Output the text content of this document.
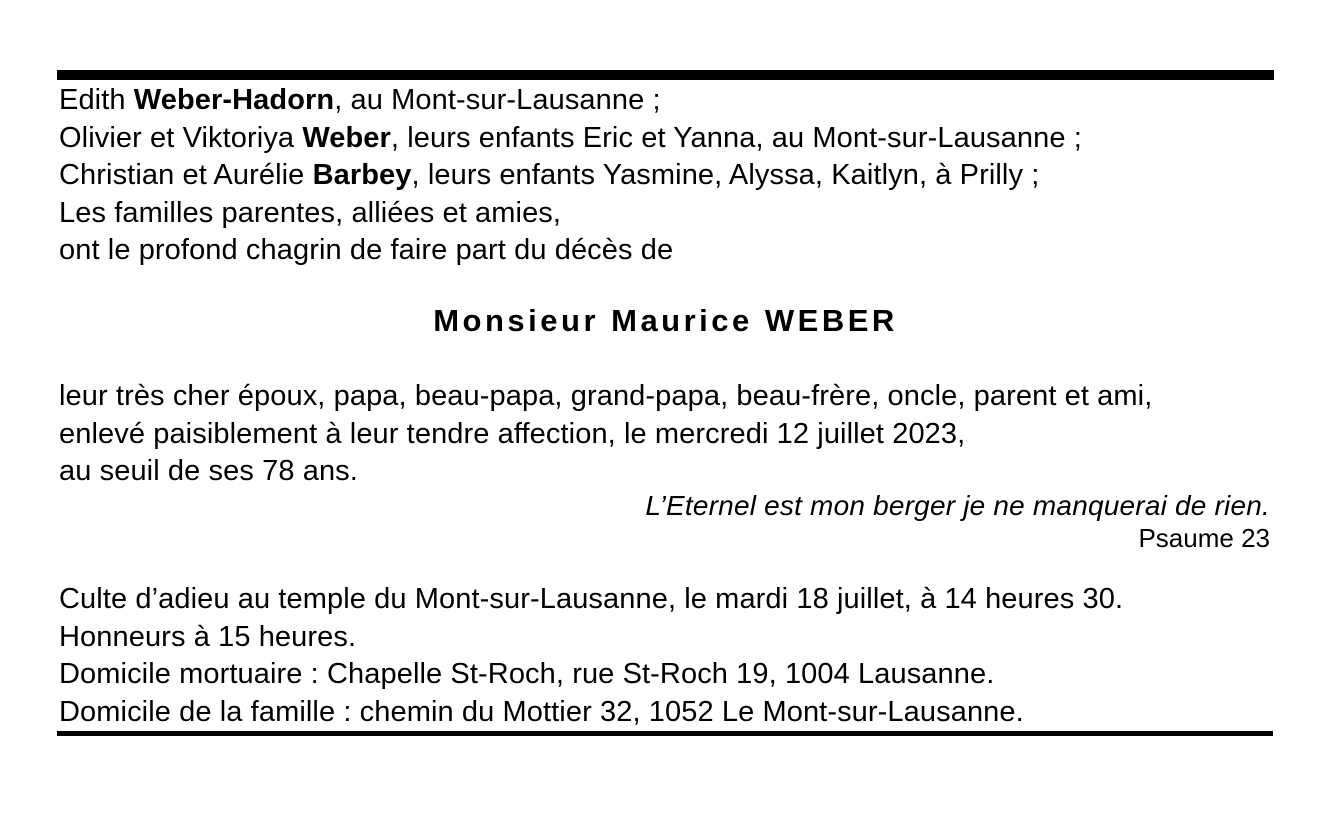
Edith Weber-Hadorn, au Mont-sur-Lausanne ;
Olivier et Viktoriya Weber, leurs enfants Eric et Yanna, au Mont-sur-Lausanne ;
Christian et Aurélie Barbey, leurs enfants Yasmine, Alyssa, Kaitlyn, à Prilly ;
Les familles parentes, alliées et amies,
ont le profond chagrin de faire part du décès de
Monsieur Maurice WEBER
leur très cher époux, papa, beau-papa, grand-papa, beau-frère, oncle, parent et ami,
enlevé paisiblement à leur tendre affection, le mercredi 12 juillet 2023,
au seuil de ses 78 ans.
L’Eternel est mon berger je ne manquerai de rien.
Psaume 23
Culte d’adieu au temple du Mont-sur-Lausanne, le mardi 18 juillet, à 14 heures 30.
Honneurs à 15 heures.
Domicile mortuaire : Chapelle St-Roch, rue St-Roch 19, 1004 Lausanne.
Domicile de la famille : chemin du Mottier 32, 1052 Le Mont-sur-Lausanne.
